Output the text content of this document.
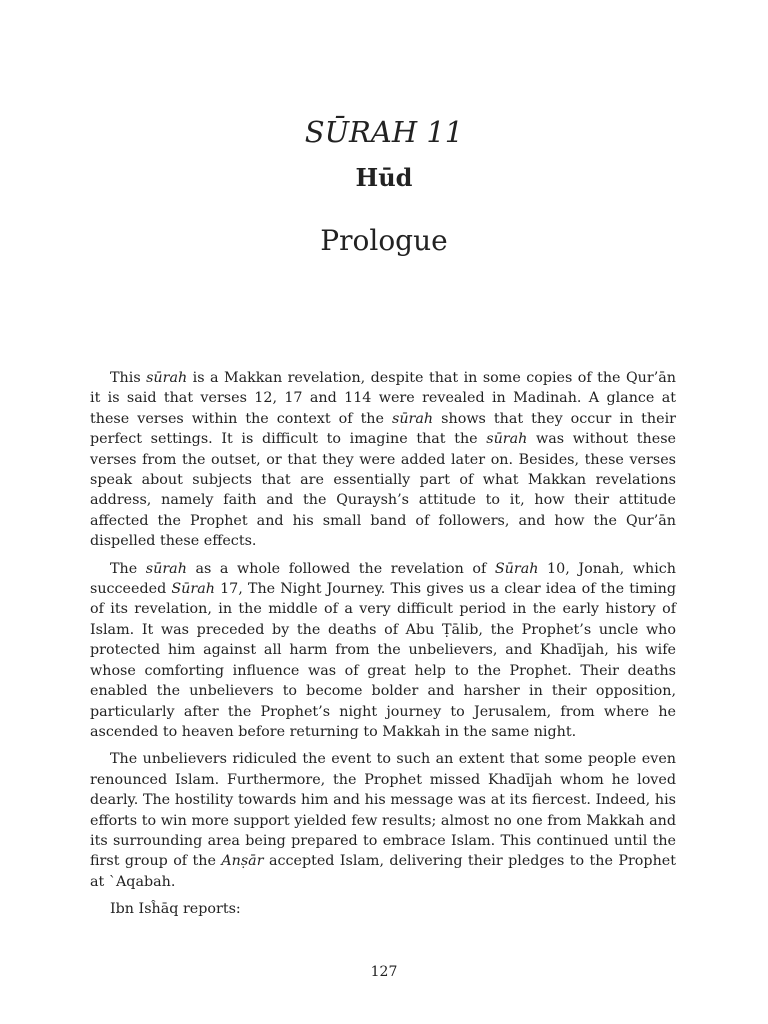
SŪRAH 11
Hūd
Prologue

This sūrah is a Makkan revelation, despite that in some copies of the Qur’ān it is said that verses 12, 17 and 114 were revealed in Madinah. A glance at these verses within the context of the sūrah shows that they occur in their perfect settings. It is difficult to imagine that the sūrah was without these verses from the outset, or that they were added later on. Besides, these verses speak about subjects that are essentially part of what Makkan revelations address, namely faith and the Quraysh’s attitude to it, how their attitude affected the Prophet and his small band of followers, and how the Qur’ān dispelled these effects.

The sūrah as a whole followed the revelation of Sūrah 10, Jonah, which succeeded Sūrah 17, The Night Journey. This gives us a clear idea of the timing of its revelation, in the middle of a very difficult period in the early history of Islam. It was preceded by the deaths of Abu Ṭālib, the Prophet’s uncle who protected him against all harm from the unbelievers, and Khadījah, his wife whose comforting influence was of great help to the Prophet. Their deaths enabled the unbelievers to become bolder and harsher in their opposition, particularly after the Prophet’s night journey to Jerusalem, from where he ascended to heaven before returning to Makkah in the same night.

The unbelievers ridiculed the event to such an extent that some people even renounced Islam. Furthermore, the Prophet missed Khadījah whom he loved dearly. The hostility towards him and his message was at its fiercest. Indeed, his efforts to win more support yielded few results; almost no one from Makkah and its surrounding area being prepared to embrace Islam. This continued until the first group of the Anṣār accepted Islam, delivering their pledges to the Prophet at `Aqabah.

Ibn Isĥāq reports:

127
